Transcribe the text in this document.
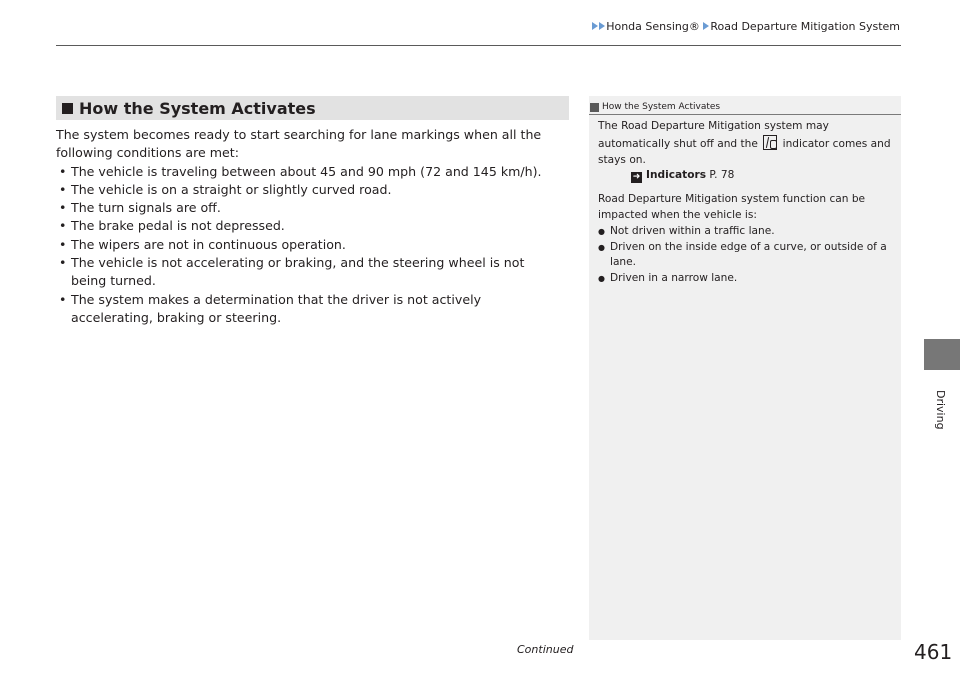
Honda Sensing® Road Departure Mitigation System
How the System Activates

The system becomes ready to start searching for lane markings when all the following conditions are met:

• The vehicle is traveling between about 45 and 90 mph (72 and 145 km/h).
• The vehicle is on a straight or slightly curved road.
• The turn signals are off.
• The brake pedal is not depressed.
• The wipers are not in continuous operation.
• The vehicle is not accelerating or braking, and the steering wheel is not being turned.
• The system makes a determination that the driver is not actively accelerating, braking or steering.
How the System Activates

The Road Departure Mitigation system may automatically shut off and the indicator comes and stays on.

➜ Indicators P. 78

Road Departure Mitigation system function can be impacted when the vehicle is:

● Not driven within a traffic lane.
● Driven on the inside edge of a curve, or outside of a lane.
● Driven in a narrow lane.
Driving
Continued	461
